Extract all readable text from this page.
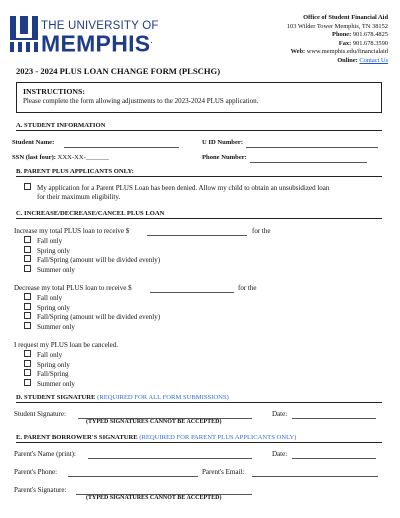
THE UNIVERSITY OF
MEMPHIS.
Office of Student Financial Aid
103 Wilder Tower Memphis, TN 38152
Phone: 901.678.4825
Fax: 901.678.3590
Web: www.memphis.edu/financialaid
Online: Contact Us
2023 - 2024 PLUS LOAN CHANGE FORM (PLSCHG)
INSTRUCTIONS:
Please complete the form allowing adjustments to the 2023-2024 PLUS application.
A. STUDENT INFORMATION
Student Name:	U ID Number:
SSN (last four): XXX-XX-_______	Phone Number:
B. PARENT PLUS APPLICANTS ONLY:
My application for a Parent PLUS Loan has been denied. Allow my child to obtain an unsubsidized loan
for their maximum eligibility.
C. INCREASE/DECREASE/CANCEL PLUS LOAN
Increase my total PLUS loan to receive $	for the
Fall only
Spring only
Fall/Spring (amount will be divided evenly)
Summer only
Decrease my total PLUS loan to receive $	for the
Fall only
Spring only
Fall/Spring (amount will be divided evenly)
Summer only
I request my PLUS loan be canceled.
Fall only
Spring only
Fall/Spring
Summer only
D. STUDENT SIGNATURE (REQUIRED FOR ALL FORM SUBMISSIONS)
Student Signature:	Date:
(TYPED SIGNATURES CANNOT BE ACCEPTED)
E. PARENT BORROWER'S SIGNATURE (REQUIRED FOR PARENT PLUS APPLICANTS ONLY)
Parent's Name (print):	Date:
Parent's Phone:	Parent's Email:
Parent's Signature:
(TYPED SIGNATURES CANNOT BE ACCEPTED)
